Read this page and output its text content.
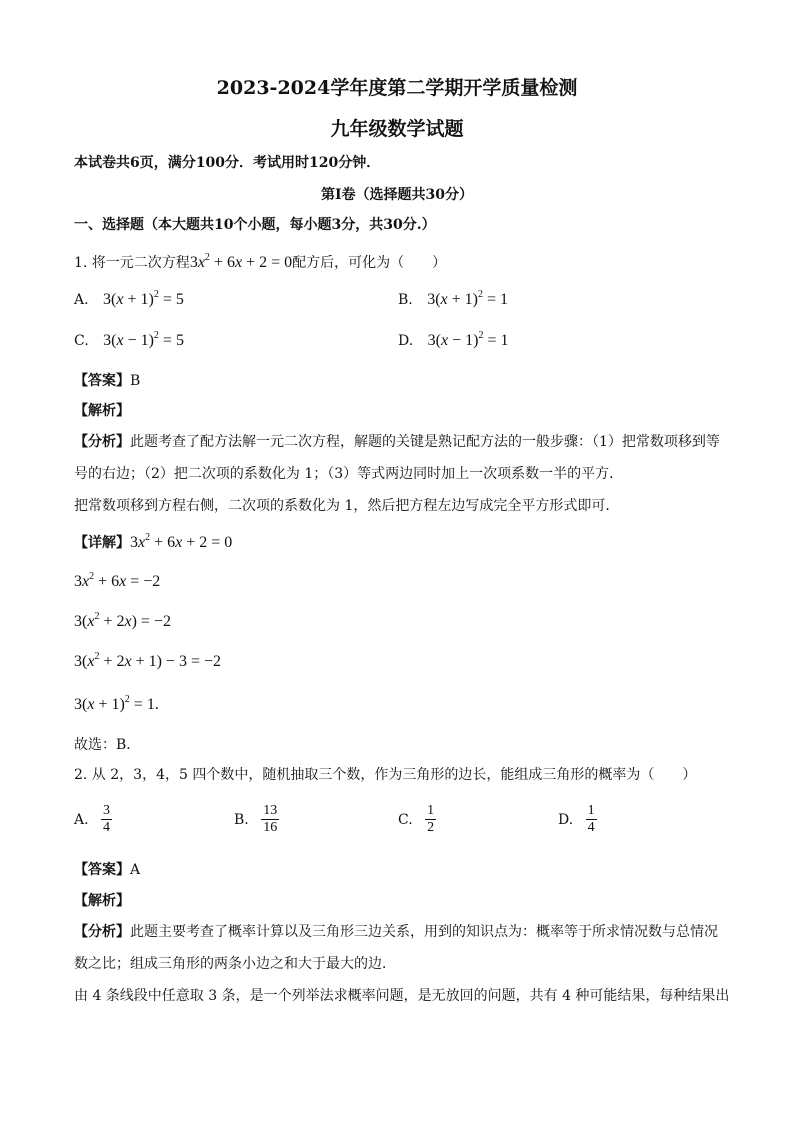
2023-2024学年度第二学期开学质量检测
九年级数学试题
本试卷共6页，满分100分．考试用时120分钟．
第Ⅰ卷（选择题共30分）
一、选择题（本大题共10个小题，每小题3分，共30分.）
1. 将一元二次方程$3x^2 + 6x + 2 = 0$配方后，可化为（　　）
A. $3(x + 1)^2 = 5$	B. $3(x + 1)^2 = 1$
C. $3(x - 1)^2 = 5$	D. $3(x - 1)^2 = 1$
【答案】B
【解析】
【分析】此题考查了配方法解一元二次方程，解题的关键是熟记配方法的一般步骤：（1）把常数项移到等
号的右边；（2）把二次项的系数化为 1；（3）等式两边同时加上一次项系数一半的平方．
把常数项移到方程右侧，二次项的系数化为 1，然后把方程左边写成完全平方形式即可．
【详解】$3x^2 + 6x + 2 = 0$
$3x^2 + 6x = -2$
$3(x^2 + 2x) = -2$
$3(x^2 + 2x + 1) - 3 = -2$
$3(x + 1)^2 = 1$.
故选：B．
2. 从 2，3，4，5 四个数中，随机抽取三个数，作为三角形的边长，能组成三角形的概率为（　　）
A. $\frac{3}{4}$	B. $\frac{13}{16}$	C. $\frac{1}{2}$	D. $\frac{1}{4}$
【答案】A
【解析】
【分析】此题主要考查了概率计算以及三角形三边关系，用到的知识点为：概率等于所求情况数与总情况
数之比；组成三角形的两条小边之和大于最大的边．
由 4 条线段中任意取 3 条，是一个列举法求概率问题，是无放回的问题，共有 4 种可能结果，每种结果出
